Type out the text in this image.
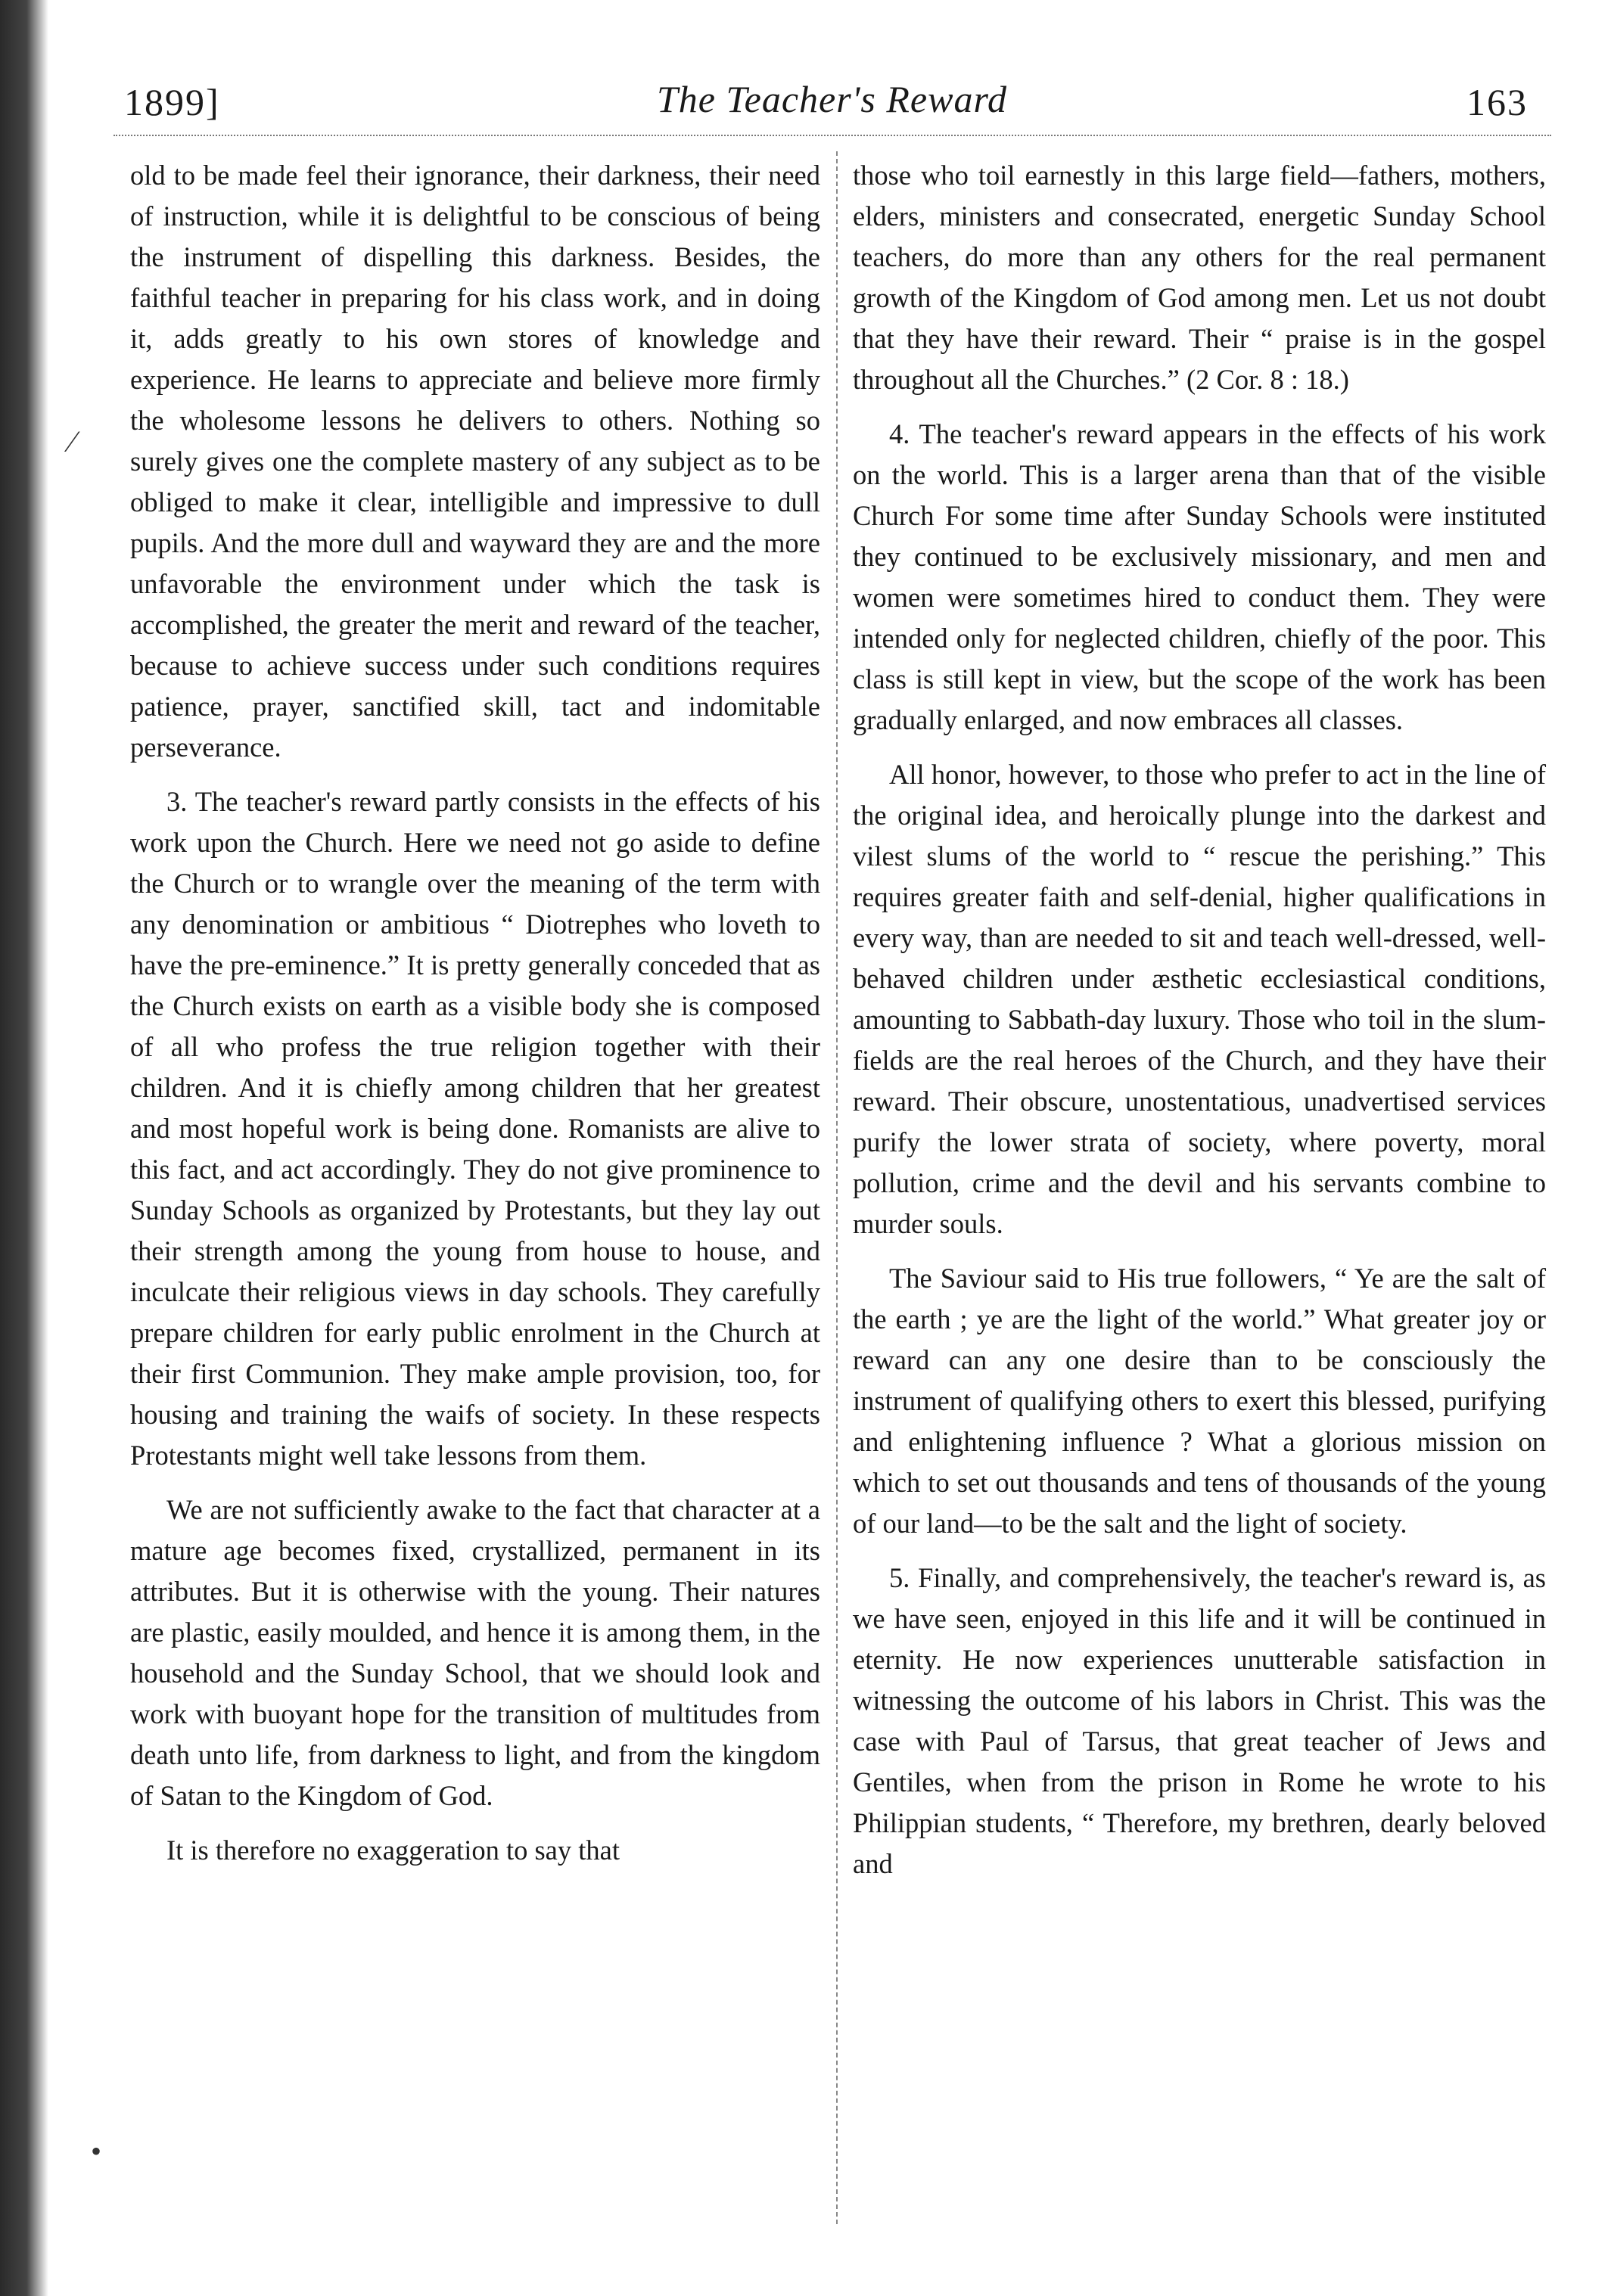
1899]	The Teacher's Reward	163

old to be made feel their ignorance, their darkness, their need of instruction, while it is delightful to be conscious of being the instrument of dispelling this darkness. Besides, the faithful teacher in preparing for his class work, and in doing it, adds greatly to his own stores of knowledge and experience. He learns to appreciate and believe more firmly the wholesome lessons he delivers to others. Nothing so surely gives one the complete mastery of any subject as to be obliged to make it clear, intelligible and impressive to dull pupils. And the more dull and wayward they are and the more unfavorable the environment under which the task is accomplished, the greater the merit and reward of the teacher, because to achieve success under such conditions requires patience, prayer, sanctified skill, tact and indomitable perseverance.

3. The teacher's reward partly consists in the effects of his work upon the Church. Here we need not go aside to define the Church or to wrangle over the meaning of the term with any denomination or ambitious “ Diotrephes who loveth to have the pre-eminence.” It is pretty generally conceded that as the Church exists on earth as a visible body she is composed of all who profess the true religion together with their children. And it is chiefly among children that her greatest and most hopeful work is being done. Romanists are alive to this fact, and act accordingly. They do not give prominence to Sunday Schools as organized by Protestants, but they lay out their strength among the young from house to house, and inculcate their religious views in day schools. They carefully prepare children for early public enrolment in the Church at their first Communion. They make ample provision, too, for housing and training the waifs of society. In these respects Protestants might well take lessons from them.

We are not sufficiently awake to the fact that character at a mature age becomes fixed, crystallized, permanent in its attributes. But it is otherwise with the young. Their natures are plastic, easily moulded, and hence it is among them, in the household and the Sunday School, that we should look and work with buoyant hope for the transition of multitudes from death unto life, from darkness to light, and from the kingdom of Satan to the Kingdom of God.

It is therefore no exaggeration to say that

those who toil earnestly in this large field—fathers, mothers, elders, ministers and consecrated, energetic Sunday School teachers, do more than any others for the real permanent growth of the Kingdom of God among men. Let us not doubt that they have their reward. Their “ praise is in the gospel throughout all the Churches.” (2 Cor. 8 : 18.)

4. The teacher's reward appears in the effects of his work on the world. This is a larger arena than that of the visible Church For some time after Sunday Schools were instituted they continued to be exclusively missionary, and men and women were sometimes hired to conduct them. They were intended only for neglected children, chiefly of the poor. This class is still kept in view, but the scope of the work has been gradually enlarged, and now embraces all classes.

All honor, however, to those who prefer to act in the line of the original idea, and heroically plunge into the darkest and vilest slums of the world to “ rescue the perishing.” This requires greater faith and self-denial, higher qualifications in every way, than are needed to sit and teach well-dressed, well-behaved children under æsthetic ecclesiastical conditions, amounting to Sabbath-day luxury. Those who toil in the slum-fields are the real heroes of the Church, and they have their reward. Their obscure, unostentatious, unadvertised services purify the lower strata of society, where poverty, moral pollution, crime and the devil and his servants combine to murder souls.

The Saviour said to His true followers, “ Ye are the salt of the earth ; ye are the light of the world.” What greater joy or reward can any one desire than to be consciously the instrument of qualifying others to exert this blessed, purifying and enlightening influence ? What a glorious mission on which to set out thousands and tens of thousands of the young of our land—to be the salt and the light of society.

5. Finally, and comprehensively, the teacher's reward is, as we have seen, enjoyed in this life and it will be continued in eternity. He now experiences unutterable satisfaction in witnessing the outcome of his labors in Christ. This was the case with Paul of Tarsus, that great teacher of Jews and Gentiles, when from the prison in Rome he wrote to his Philippian students, “ Therefore, my brethren, dearly beloved and

⁄
•
